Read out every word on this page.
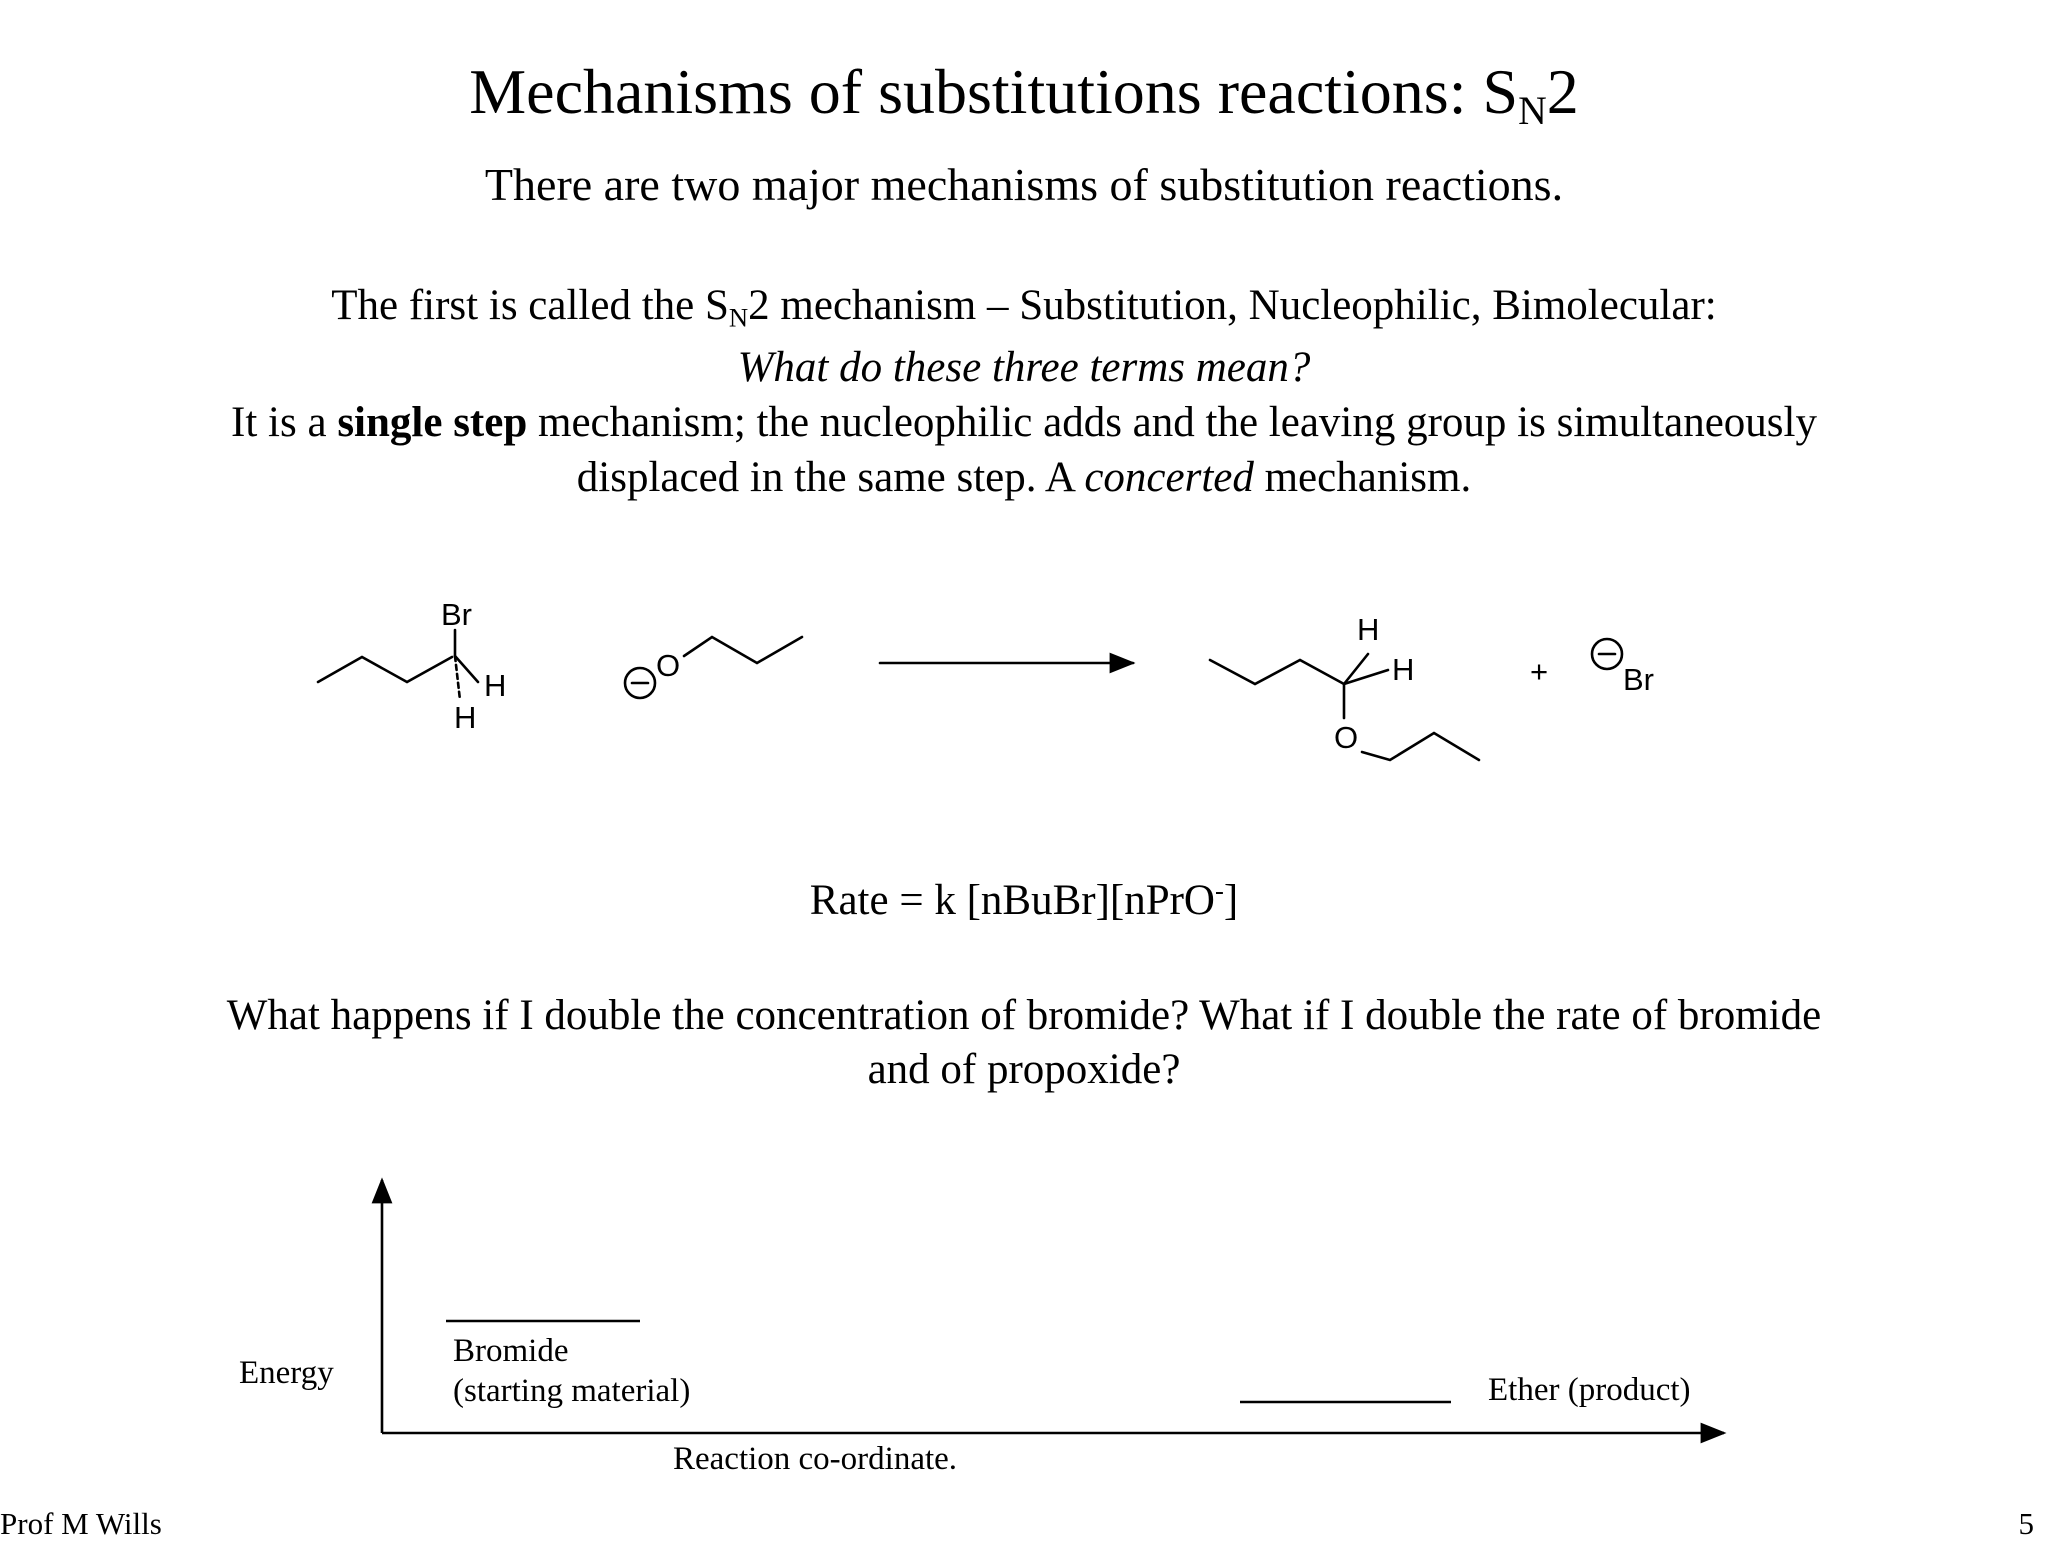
Mechanisms of substitutions reactions: $S_N2$
There are two major mechanisms of substitution reactions.
The first is called the $S_N2$ mechanism – Substitution, Nucleophilic, Bimolecular:
What do these three terms mean?
It is a single step mechanism; the nucleophilic adds and the leaving group is simultaneously
displaced in the same step. A concerted mechanism.
Rate = k [nBuBr][nPrO-]
What happens if I double the concentration of bromide? What if I double the rate of bromide
and of propoxide?
Br
H
H
O
H
H
O
+ Br
Energy
Bromide
(starting material)	Ether (product)
Reaction co-ordinate.
Prof M Wills	5
